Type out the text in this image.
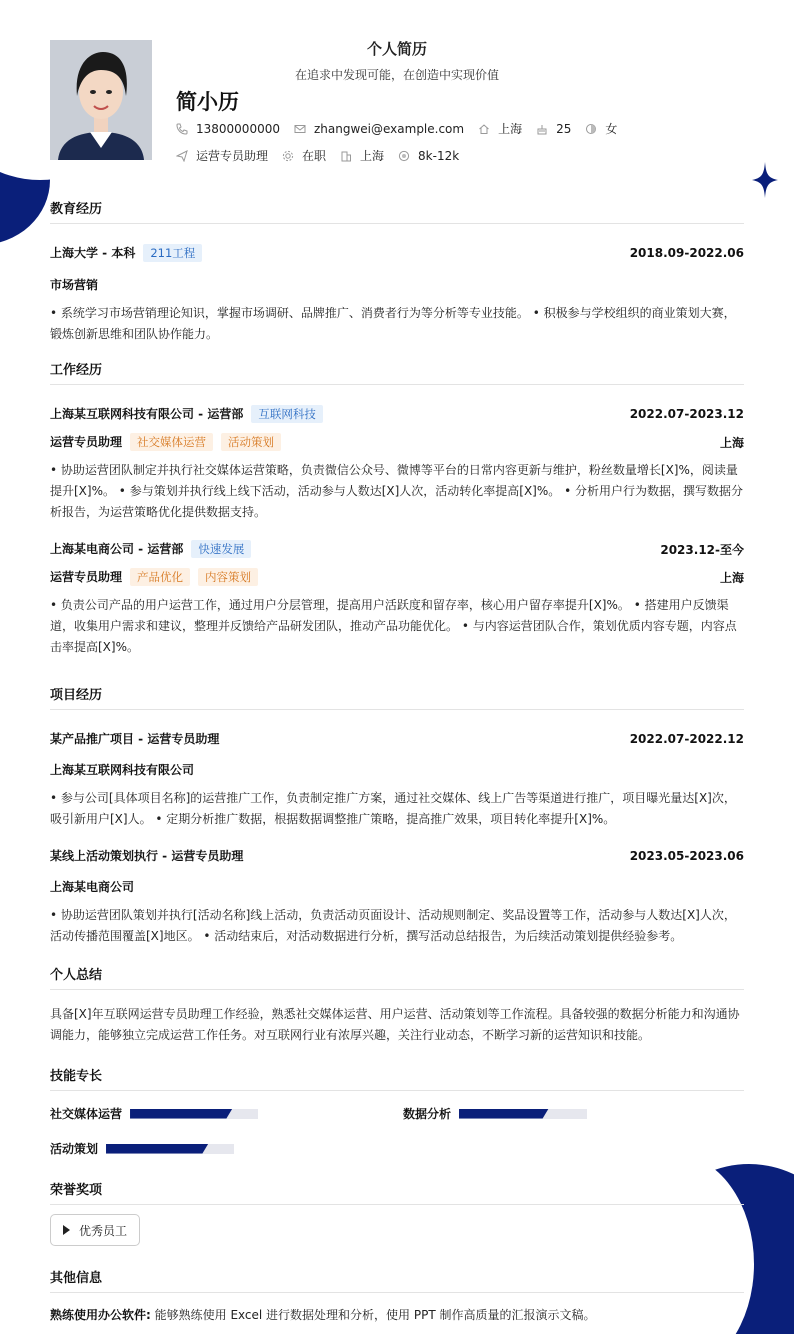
个人简历
在追求中发现可能，在创造中实现价值
简小历
13800000000	zhangwei@example.com	上海	25	女
运营专员助理	在职	上海	8k-12k
教育经历
上海大学 - 本科 211工程	2018.09-2022.06
市场营销
• 系统学习市场营销理论知识，掌握市场调研、品牌推广、消费者行为等分析等专业技能。 • 积极参与学校组织的商业策划大赛，锻炼创新思维和团队协作能力。
工作经历
上海某互联网科技有限公司 - 运营部 互联网科技	2022.07-2023.12
运营专员助理 社交媒体运营 活动策划	上海
• 协助运营团队制定并执行社交媒体运营策略，负责微信公众号、微博等平台的日常内容更新与维护，粉丝数量增长[X]%，阅读量提升[X]%。 • 参与策划并执行线上线下活动，活动参与人数达[X]人次，活动转化率提高[X]%。 • 分析用户行为数据，撰写数据分析报告，为运营策略优化提供数据支持。
上海某电商公司 - 运营部 快速发展	2023.12-至今
运营专员助理 产品优化 内容策划	上海
• 负责公司产品的用户运营工作，通过用户分层管理，提高用户活跃度和留存率，核心用户留存率提升[X]%。 • 搭建用户反馈渠道，收集用户需求和建议，整理并反馈给产品研发团队，推动产品功能优化。 • 与内容运营团队合作，策划优质内容专题，内容点击率提高[X]%。
项目经历
某产品推广项目 - 运营专员助理	2022.07-2022.12
上海某互联网科技有限公司
• 参与公司[具体项目名称]的运营推广工作，负责制定推广方案，通过社交媒体、线上广告等渠道进行推广，项目曝光量达[X]次，吸引新用户[X]人。 • 定期分析推广数据，根据数据调整推广策略，提高推广效果，项目转化率提升[X]%。
某线上活动策划执行 - 运营专员助理	2023.05-2023.06
上海某电商公司
• 协助运营团队策划并执行[活动名称]线上活动，负责活动页面设计、活动规则制定、奖品设置等工作，活动参与人数达[X]人次，活动传播范围覆盖[X]地区。 • 活动结束后，对活动数据进行分析，撰写活动总结报告，为后续活动策划提供经验参考。
个人总结
具备[X]年互联网运营专员助理工作经验，熟悉社交媒体运营、用户运营、活动策划等工作流程。具备较强的数据分析能力和沟通协调能力，能够独立完成运营工作任务。对互联网行业有浓厚兴趣，关注行业动态，不断学习新的运营知识和技能。
技能专长
社交媒体运营	数据分析
活动策划
荣誉奖项
优秀员工
其他信息
熟练使用办公软件: 能够熟练使用 Excel 进行数据处理和分析，使用 PPT 制作高质量的汇报演示文稿。
